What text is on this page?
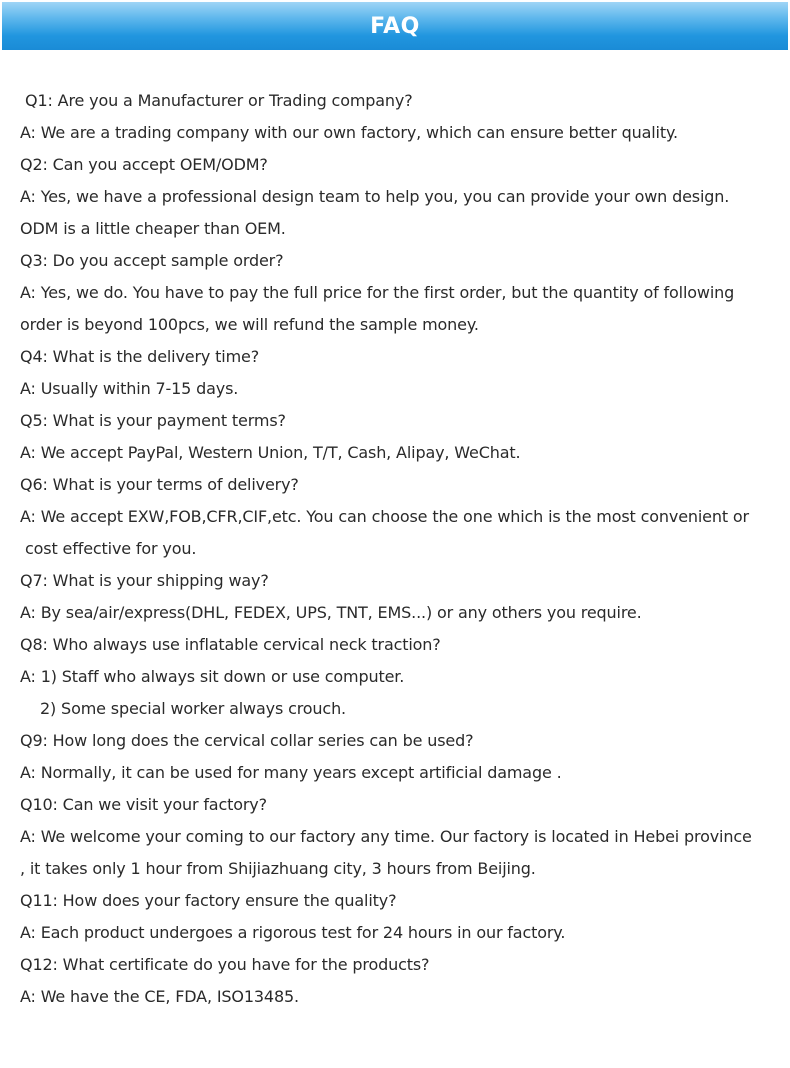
FAQ
Q1: Are you a Manufacturer or Trading company?
A: We are a trading company with our own factory, which can ensure better quality.
Q2: Can you accept OEM/ODM?
A: Yes, we have a professional design team to help you, you can provide your own design.
ODM is a little cheaper than OEM.
Q3: Do you accept sample order?
A: Yes, we do. You have to pay the full price for the first order, but the quantity of following
order is beyond 100pcs, we will refund the sample money.
Q4: What is the delivery time?
A: Usually within 7-15 days.
Q5: What is your payment terms?
A: We accept PayPal, Western Union, T/T, Cash, Alipay, WeChat.
Q6: What is your terms of delivery?
A: We accept EXW,FOB,CFR,CIF,etc. You can choose the one which is the most convenient or
cost effective for you.
Q7: What is your shipping way?
A: By sea/air/express(DHL, FEDEX, UPS, TNT, EMS...) or any others you require.
Q8: Who always use inflatable cervical neck traction?
A: 1) Staff who always sit down or use computer.
2) Some special worker always crouch.
Q9: How long does the cervical collar series can be used?
A: Normally, it can be used for many years except artificial damage .
Q10: Can we visit your factory?
A: We welcome your coming to our factory any time. Our factory is located in Hebei province
, it takes only 1 hour from Shijiazhuang city, 3 hours from Beijing.
Q11: How does your factory ensure the quality?
A: Each product undergoes a rigorous test for 24 hours in our factory.
Q12: What certificate do you have for the products?
A: We have the CE, FDA, ISO13485.
